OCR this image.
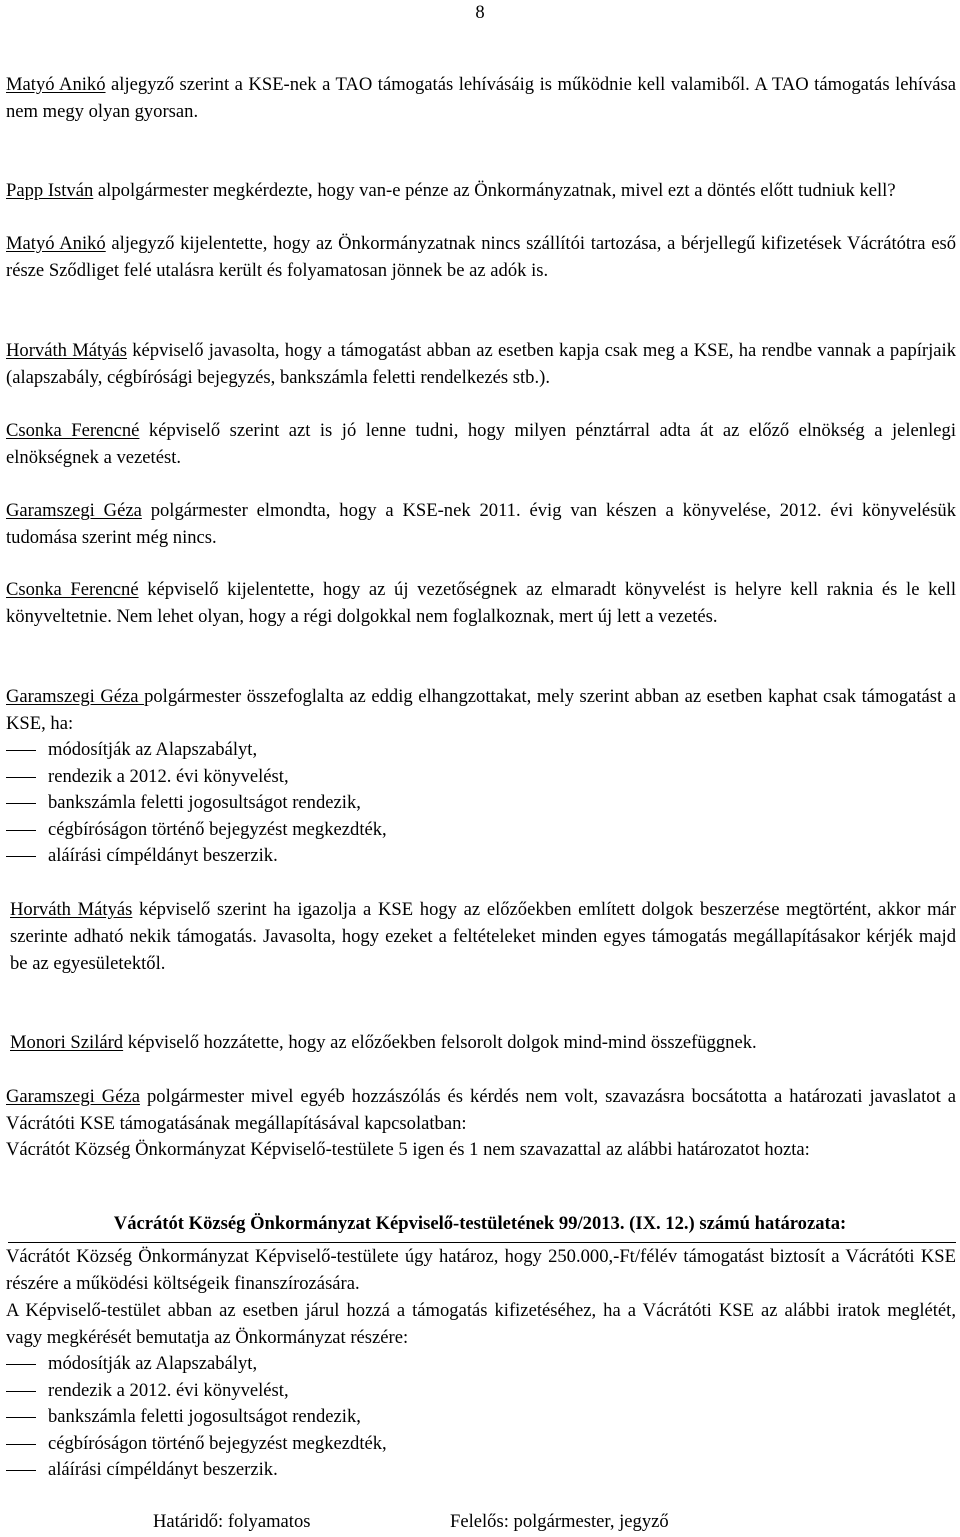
8

Matyó Anikó aljegyző szerint a KSE-nek a TAO támogatás lehívásáig is működnie kell valamiből. A TAO támogatás lehívása nem megy olyan gyorsan.

Papp István alpolgármester megkérdezte, hogy van-e pénze az Önkormányzatnak, mivel ezt a döntés előtt tudniuk kell?

Matyó Anikó aljegyző kijelentette, hogy az Önkormányzatnak nincs szállítói tartozása, a bérjellegű kifizetések Vácrátótra eső része Sződliget felé utalásra került és folyamatosan jönnek be az adók is.

Horváth Mátyás képviselő javasolta, hogy a támogatást abban az esetben kapja csak meg a KSE, ha rendbe vannak a papírjaik (alapszabály, cégbírósági bejegyzés, bankszámla feletti rendelkezés stb.).

Csonka Ferencné képviselő szerint azt is jó lenne tudni, hogy milyen pénztárral adta át az előző elnökség a jelenlegi elnökségnek a vezetést.

Garamszegi Géza polgármester elmondta, hogy a KSE-nek 2011. évig van készen a könyvelése, 2012. évi könyvelésük tudomása szerint még nincs.

Csonka Ferencné képviselő kijelentette, hogy az új vezetőségnek az elmaradt könyvelést is helyre kell raknia és le kell könyveltetnie. Nem lehet olyan, hogy a régi dolgokkal nem foglalkoznak, mert új lett a vezetés.

Garamszegi Géza polgármester összefoglalta az eddig elhangzottakat, mely szerint abban az esetben kaphat csak támogatást a KSE, ha:

módosítják az Alapszabályt,
rendezik a 2012. évi könyvelést,
bankszámla feletti jogosultságot rendezik,
cégbíróságon történő bejegyzést megkezdték,
aláírási címpéldányt beszerzik.

Horváth Mátyás képviselő szerint ha igazolja a KSE hogy az előzőekben említett dolgok beszerzése megtörtént, akkor már szerinte adható nekik támogatás. Javasolta, hogy ezeket a feltételeket minden egyes támogatás megállapításakor kérjék majd be az egyesületektől.

Monori Szilárd képviselő hozzátette, hogy az előzőekben felsorolt dolgok mind-mind összefüggnek.

Garamszegi Géza polgármester mivel egyéb hozzászólás és kérdés nem volt, szavazásra bocsátotta a határozati javaslatot a Vácrátóti KSE támogatásának megállapításával kapcsolatban:

Vácrátót Község Önkormányzat Képviselő-testülete 5 igen és 1 nem szavazattal az alábbi határozatot hozta:

Vácrátót Község Önkormányzat Képviselő-testületének 99/2013. (IX. 12.) számú határozata:

Vácrátót Község Önkormányzat Képviselő-testülete úgy határoz, hogy 250.000,-Ft/félév támogatást biztosít a Vácrátóti KSE részére a működési költségeik finanszírozására.

A Képviselő-testület abban az esetben járul hozzá a támogatás kifizetéséhez, ha a Vácrátóti KSE az alábbi iratok meglétét, vagy megkérését bemutatja az Önkormányzat részére:

módosítják az Alapszabályt,
rendezik a 2012. évi könyvelést,
bankszámla feletti jogosultságot rendezik,
cégbíróságon történő bejegyzést megkezdték,
aláírási címpéldányt beszerzik.
Határidő: folyamatos	Felelős: polgármester, jegyző
